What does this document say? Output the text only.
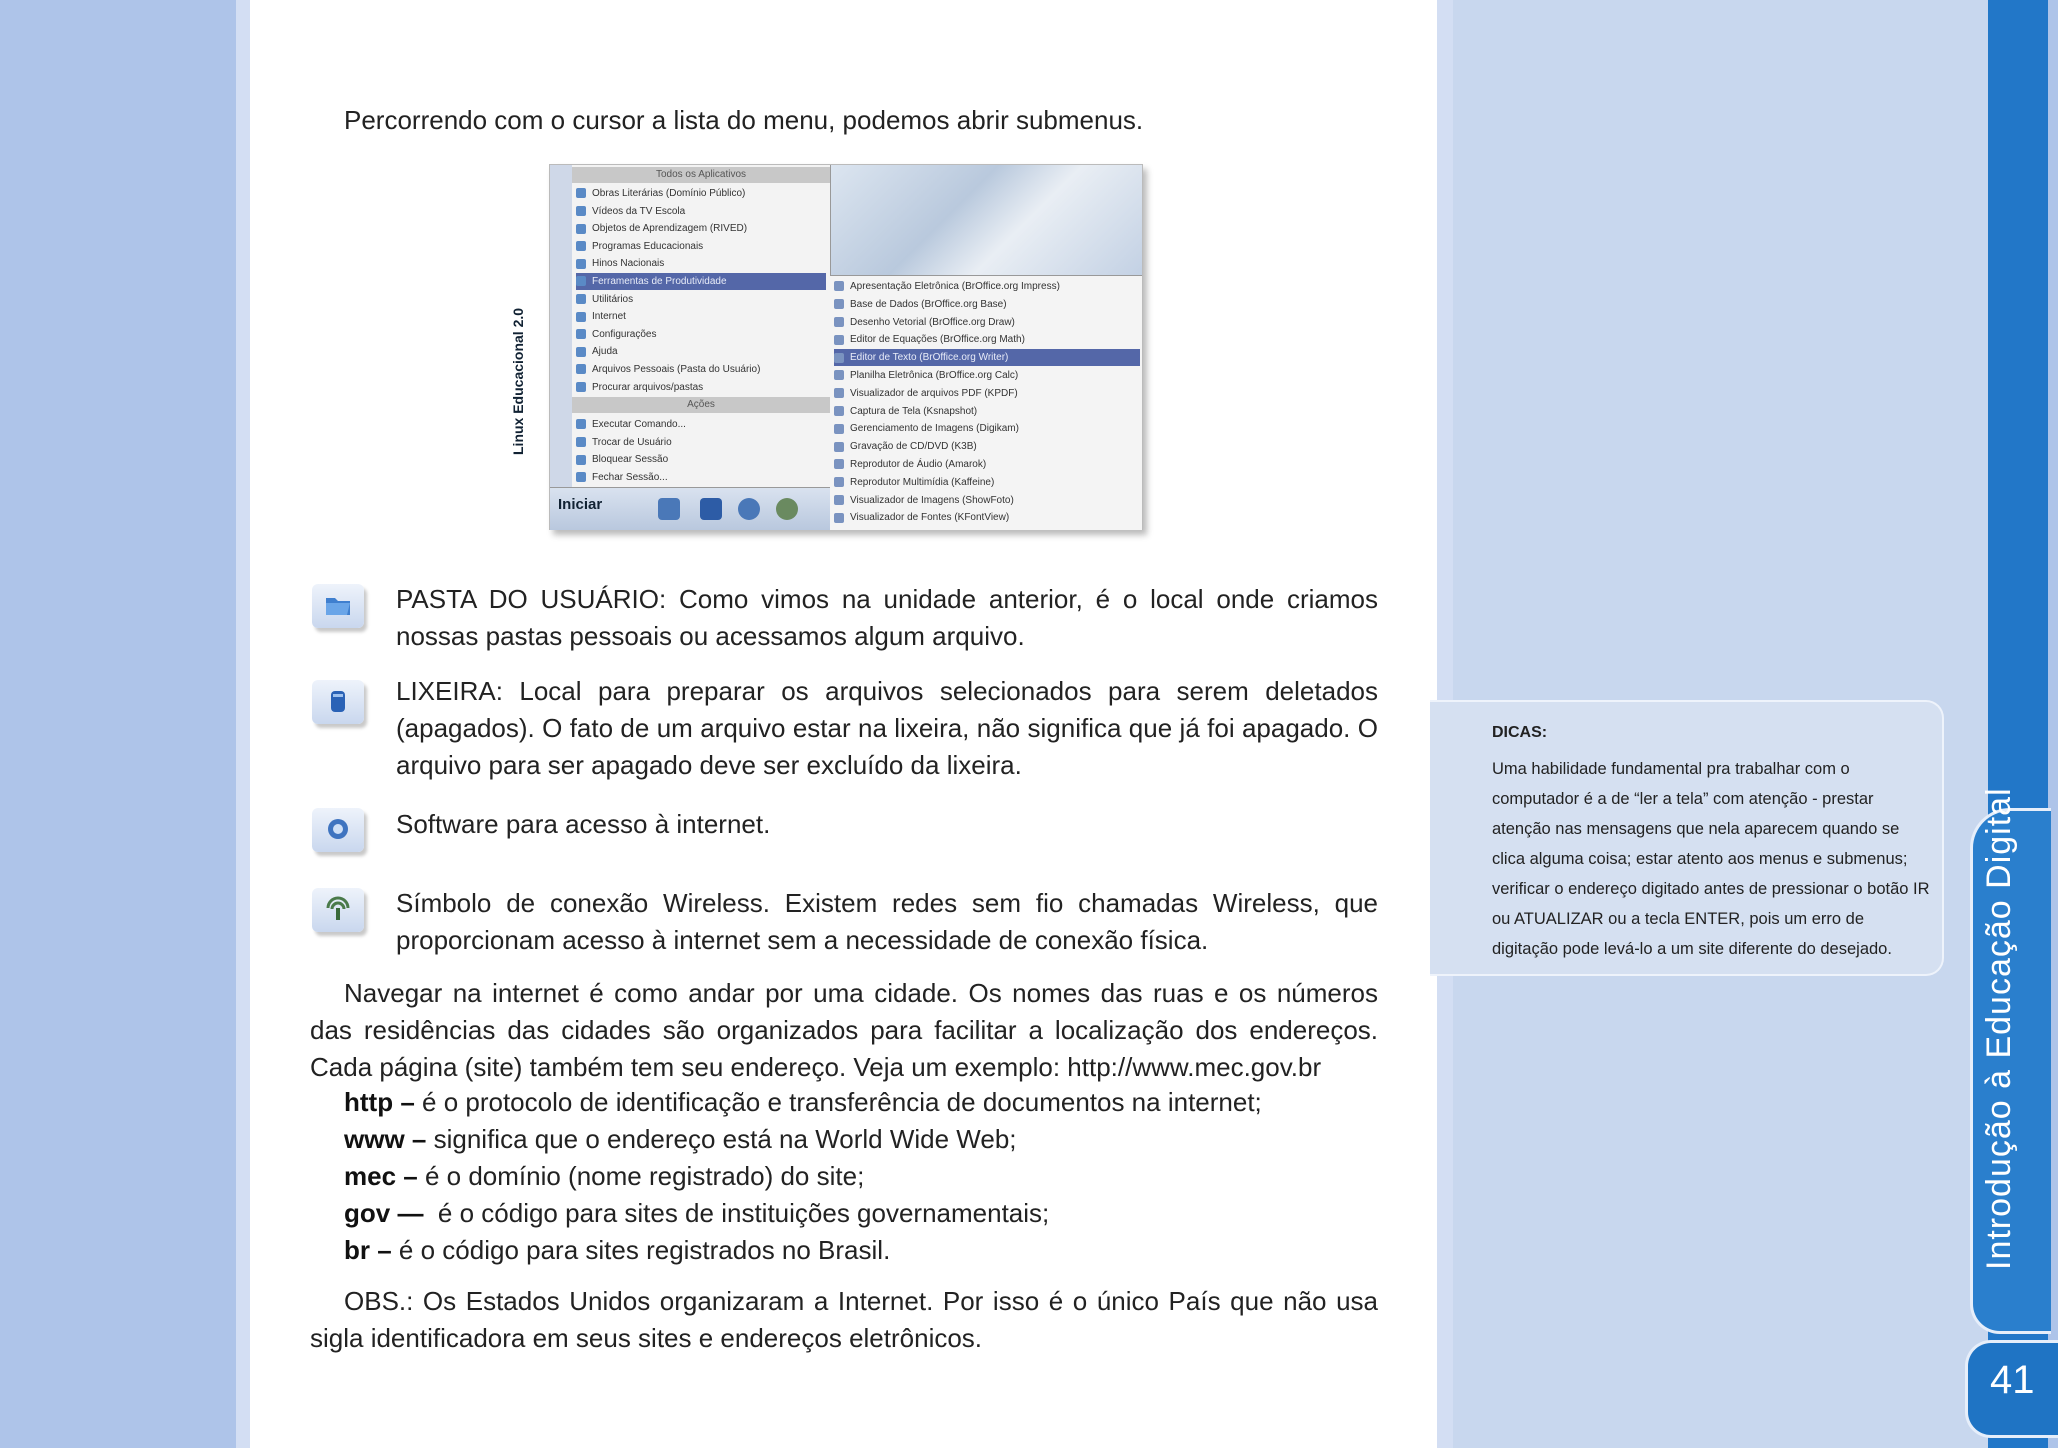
Introdução à Educação Digital
41
Percorrendo com o cursor a lista do menu, podemos abrir submenus.
Linux Educacional 2.0
Todos os Aplicativos
Obras Literárias (Domínio Público)
Vídeos da TV Escola
Objetos de Aprendizagem (RIVED)
Programas Educacionais
Hinos Nacionais
Ferramentas de Produtividade
Utilitários
Internet
Configurações
Ajuda
Arquivos Pessoais (Pasta do Usuário)
Procurar arquivos/pastas
Ações
Executar Comando...
Trocar de Usuário
Bloquear Sessão
Fechar Sessão...
Apresentação Eletrônica (BrOffice.org Impress)
Base de Dados (BrOffice.org Base)
Desenho Vetorial (BrOffice.org Draw)
Editor de Equações (BrOffice.org Math)
Editor de Texto (BrOffice.org Writer)
Planilha Eletrônica (BrOffice.org Calc)
Visualizador de arquivos PDF (KPDF)
Captura de Tela (Ksnapshot)
Gerenciamento de Imagens (Digikam)
Gravação de CD/DVD (K3B)
Reprodutor de Áudio (Amarok)
Reprodutor Multimídia (Kaffeine)
Visualizador de Imagens (ShowFoto)
Visualizador de Fontes (KFontView)
Iniciar
PASTA DO USUÁRIO: Como vimos na unidade anterior, é o local onde criamos nossas pastas pessoais ou acessamos algum arquivo.
LIXEIRA: Local para preparar os arquivos selecionados para serem deletados (apagados). O fato de um arquivo estar na lixeira, não significa que já foi apagado. O arquivo para ser apagado deve ser excluído da lixeira.
Software para acesso à internet.
Símbolo de conexão Wireless. Existem redes sem fio chamadas Wireless, que proporcionam acesso à internet sem a necessidade de conexão física.
Navegar na internet é como andar por uma cidade. Os nomes das ruas e os números das residências das cidades são organizados para facilitar a localização dos endereços. Cada página (site) também tem seu endereço. Veja um exemplo: http://www.mec.gov.br
http – é o protocolo de identificação e transferência de documentos na internet;
www – significa que o endereço está na World Wide Web;
mec – é o domínio (nome registrado) do site;
gov —  é o código para sites de instituições governamentais;
br – é o código para sites registrados no Brasil.
OBS.: Os Estados Unidos organizaram a Internet. Por isso é o único País que não usa sigla identificadora em seus sites e endereços eletrônicos.
DICAS:
Uma habilidade fundamental pra trabalhar com o computador é a de “ler a tela” com atenção - prestar atenção nas mensagens que nela aparecem quando se clica alguma coisa; estar atento aos menus e submenus; verificar o endereço digitado antes de pressionar o botão IR ou ATUALIZAR ou a tecla ENTER, pois um erro de digitação pode levá-lo a um site diferente do desejado.
